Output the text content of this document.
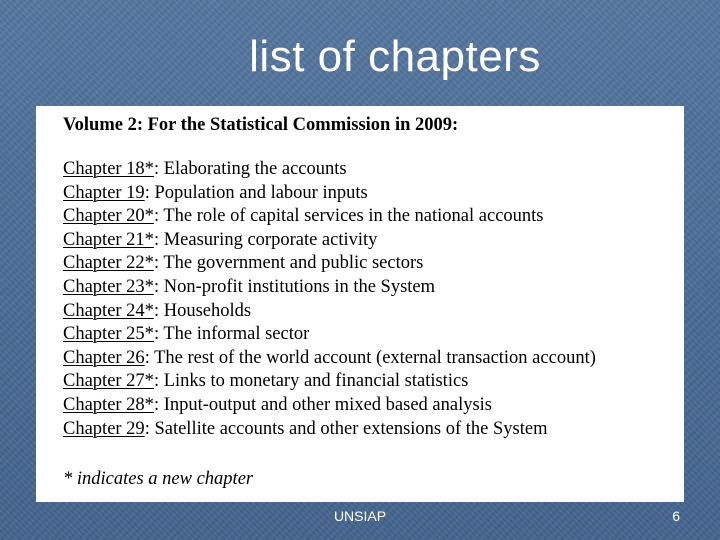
list of chapters
Volume 2: For the Statistical Commission in 2009:
Chapter 18*: Elaborating the accounts
Chapter 19: Population and labour inputs
Chapter 20*: The role of capital services in the national accounts
Chapter 21*: Measuring corporate activity
Chapter 22*: The government and public sectors
Chapter 23*: Non-profit institutions in the System
Chapter 24*: Households
Chapter 25*: The informal sector
Chapter 26: The rest of the world account (external transaction account)
Chapter 27*: Links to monetary and financial statistics
Chapter 28*: Input-output and other mixed based analysis
Chapter 29: Satellite accounts and other extensions of the System

* indicates a new chapter

UNSIAP	6
